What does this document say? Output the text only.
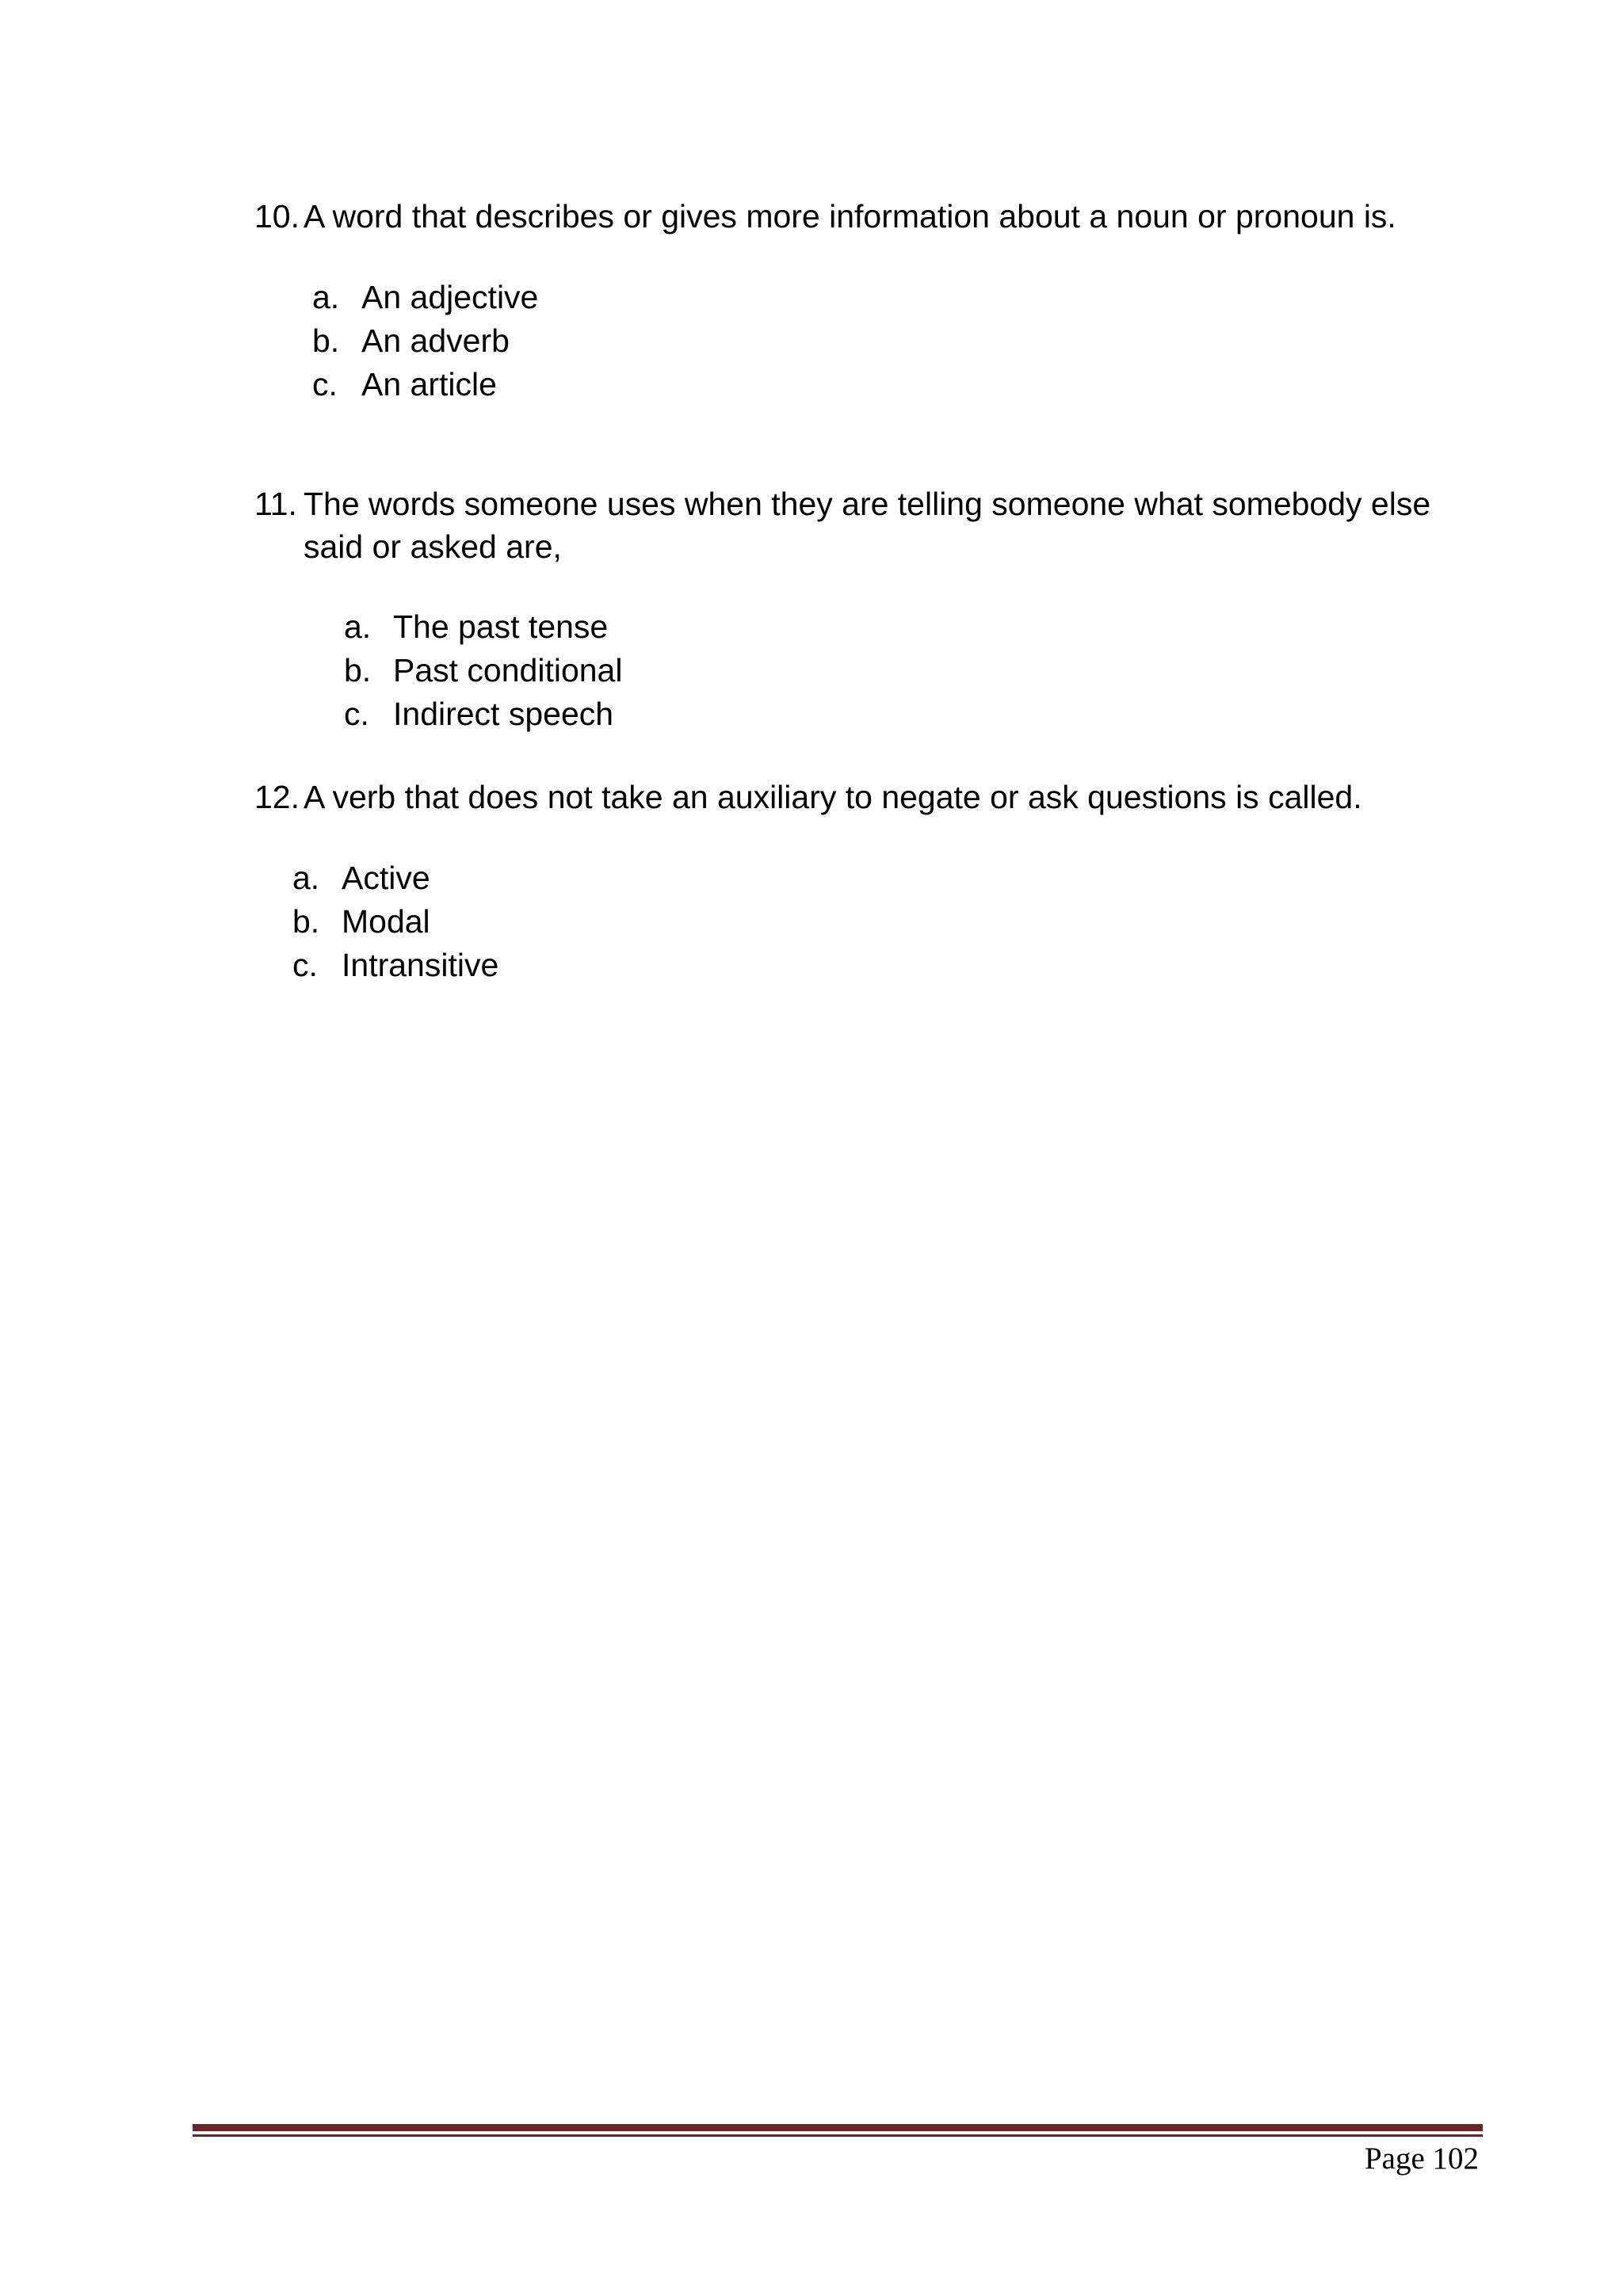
10. A word that describes or gives more information about a noun or pronoun is.
a. An adjective
b. An adverb
c. An article
11. The words someone uses when they are telling someone what somebody else said or asked are,
a. The past tense
b. Past conditional
c. Indirect speech
12. A verb that does not take an auxiliary to negate or ask questions is called.
a. Active
b. Modal
c. Intransitive
Page 102
